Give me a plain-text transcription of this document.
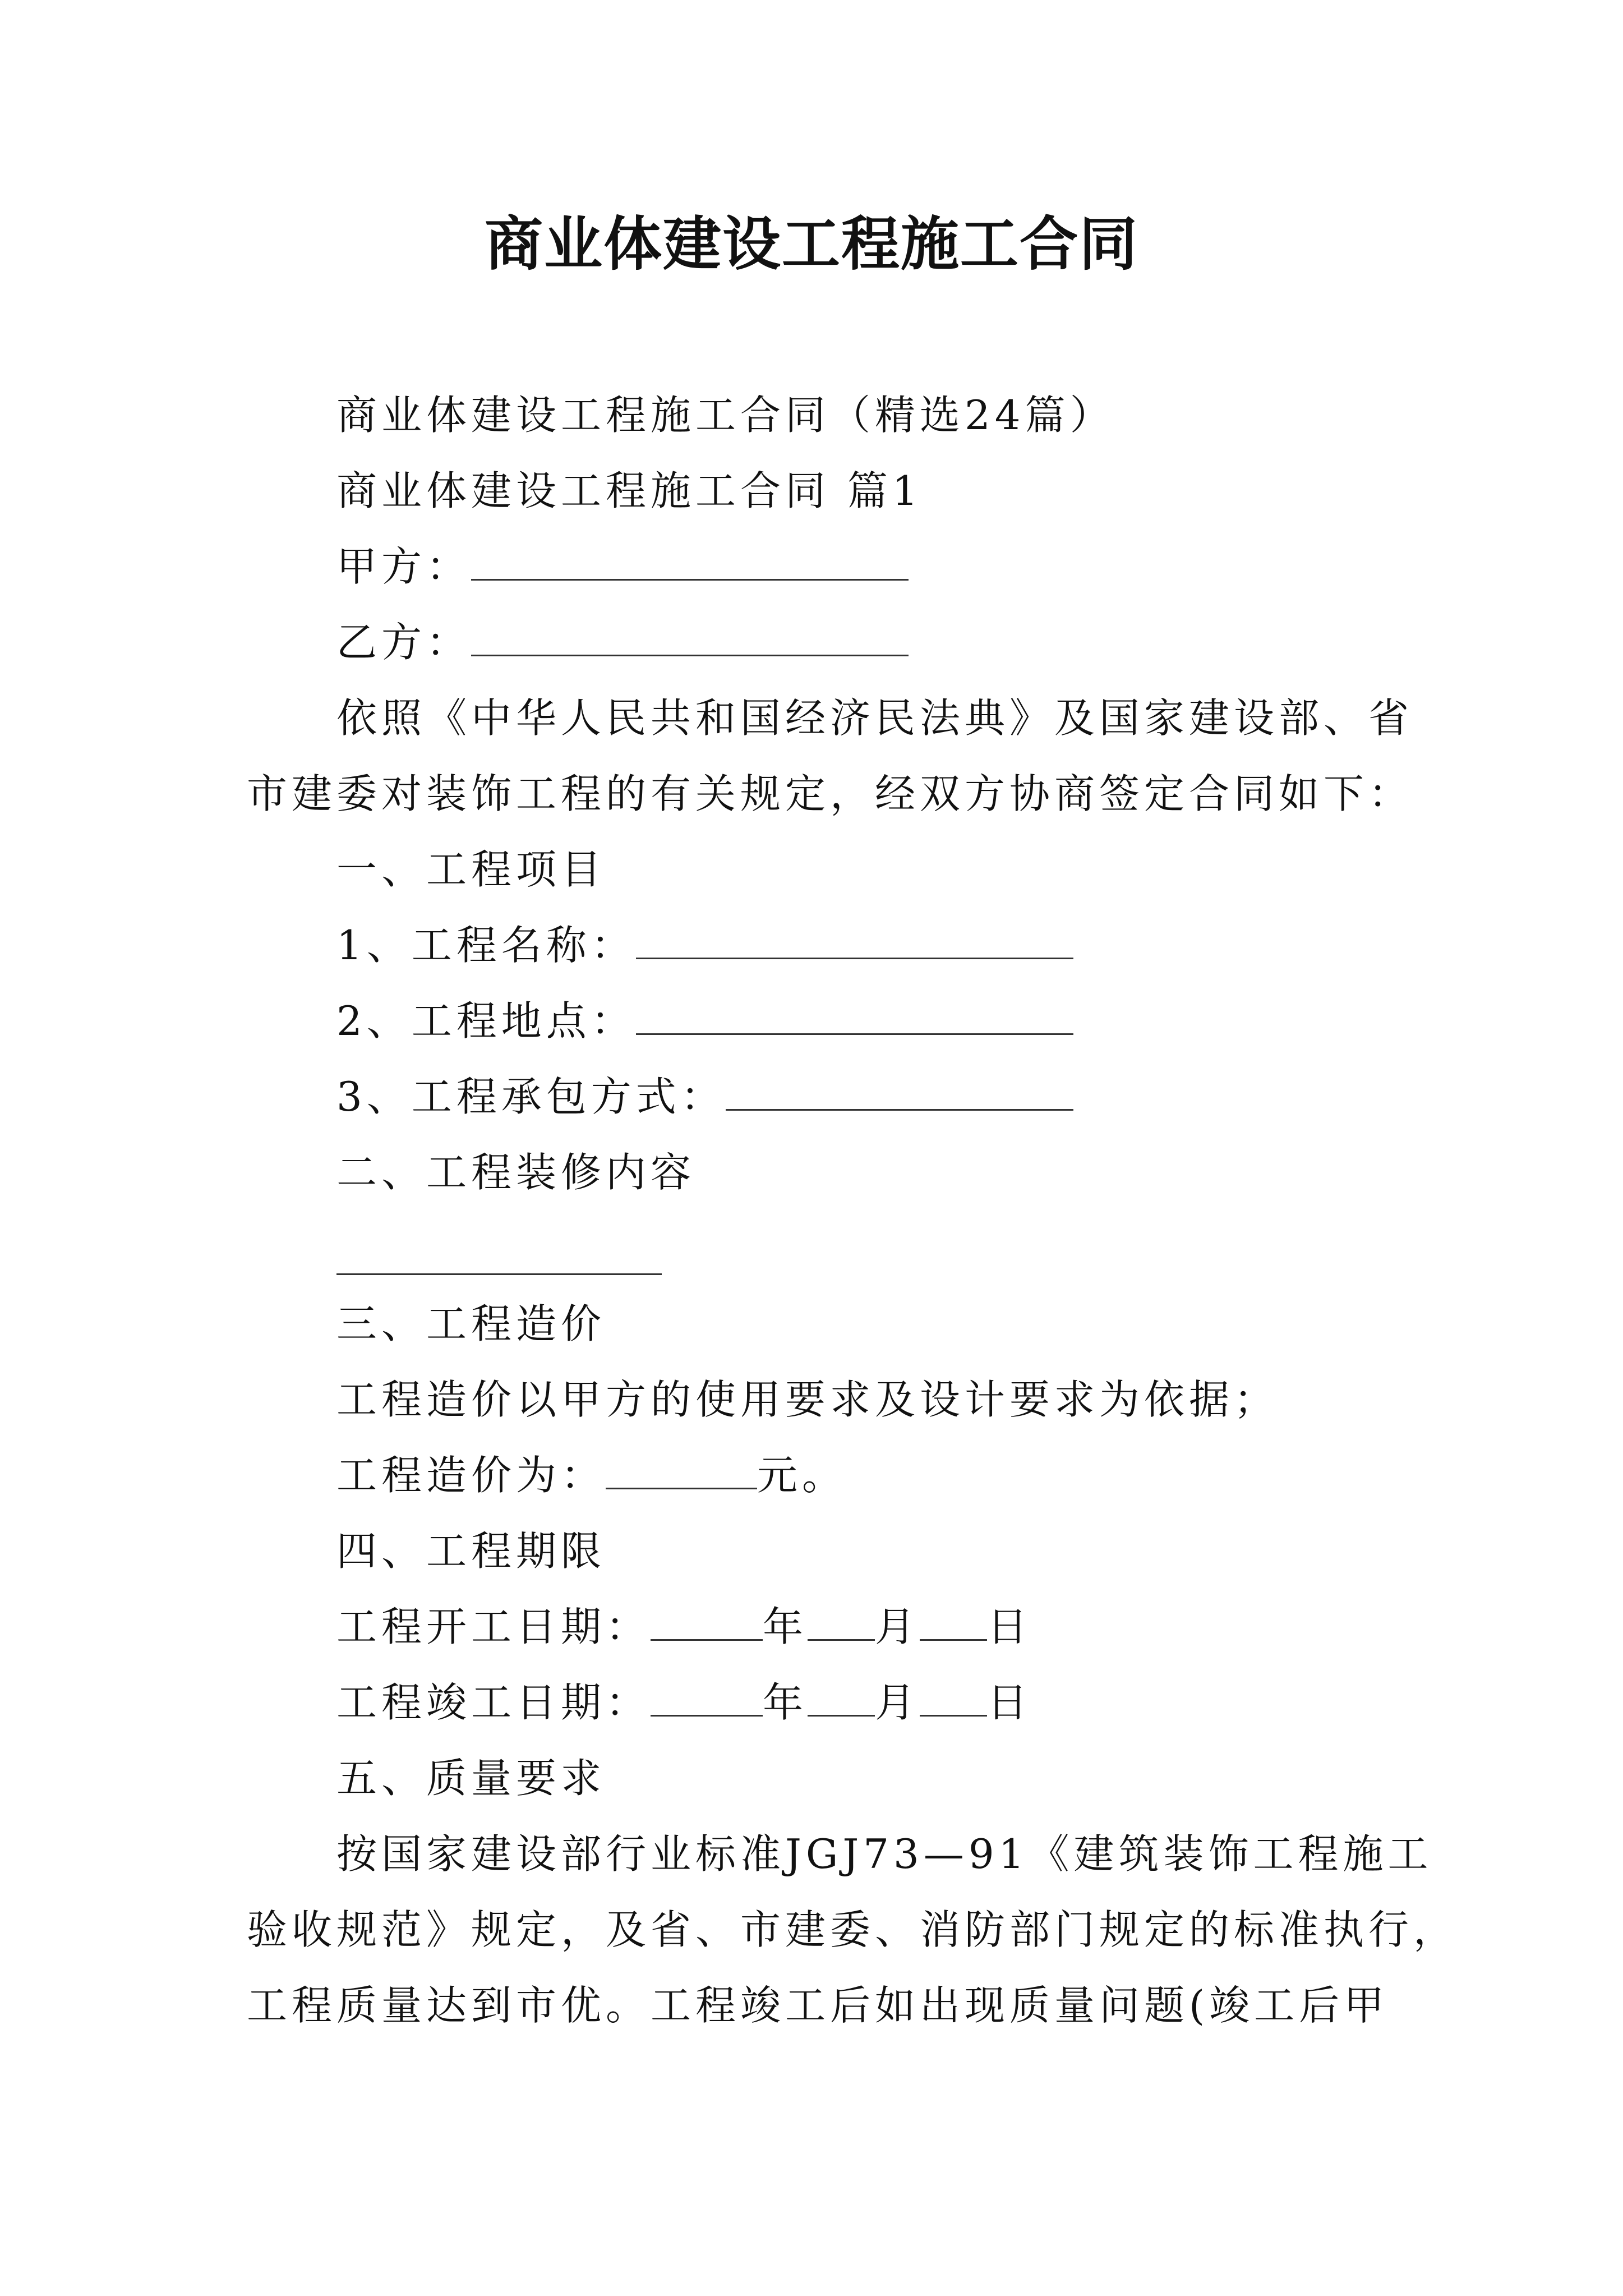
商业体建设工程施工合同
商业体建设工程施工合同（精选24篇）
商业体建设工程施工合同 篇1
甲方：
乙方：
依照《中华人民共和国经济民法典》及国家建设部、省
市建委对装饰工程的有关规定，经双方协商签定合同如下：
一、工程项目
1、工程名称：
2、工程地点：
3、工程承包方式：
二、工程装修内容
三、工程造价
工程造价以甲方的使用要求及设计要求为依据；
工程造价为：	元。
四、工程期限
工程开工日期：	年 月 日
工程竣工日期：	年 月 日
五、质量要求
按国家建设部行业标准JGJ73—91《建筑装饰工程施工
验收规范》规定，及省、市建委、消防部门规定的标准执行，
工程质量达到市优。工程竣工后如出现质量问题(竣工后甲
